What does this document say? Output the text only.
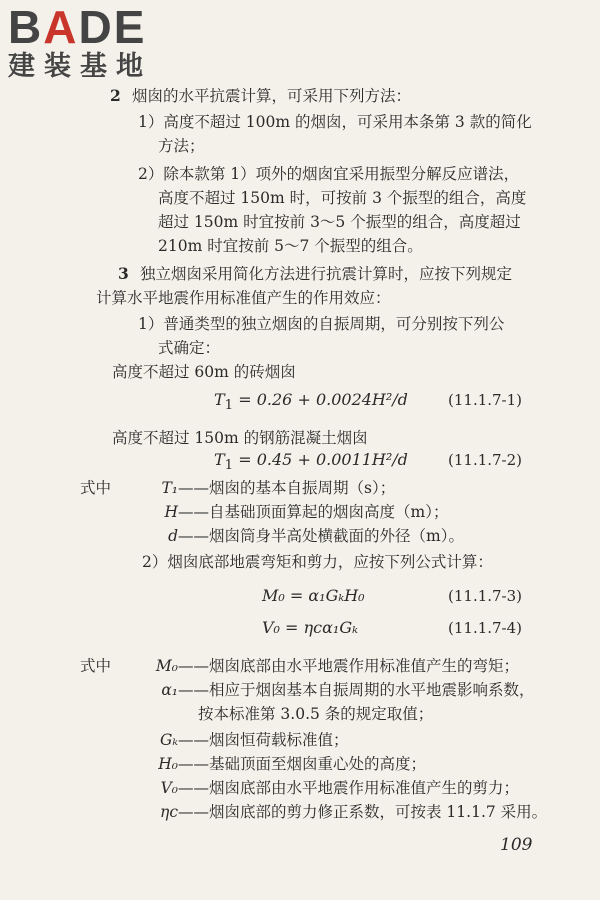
BADE
建装基地
2 烟囱的水平抗震计算，可采用下列方法：
1）高度不超过 100m 的烟囱，可采用本条第 3 款的简化
方法；
2）除本款第 1）项外的烟囱宜采用振型分解反应谱法，
高度不超过 150m 时，可按前 3 个振型的组合，高度
超过 150m 时宜按前 3～5 个振型的组合，高度超过
210m 时宜按前 5～7 个振型的组合。
3 独立烟囱采用简化方法进行抗震计算时，应按下列规定
计算水平地震作用标准值产生的作用效应：
1）普通类型的独立烟囱的自振周期，可分别按下列公
式确定：
高度不超过 60m 的砖烟囱
$T_1 = 0.26 + 0.0024H^2/d$	(11.1.7-1)
高度不超过 150m 的钢筋混凝土烟囱
$T_1 = 0.45 + 0.0011H^2/d$	(11.1.7-2)
式中	T₁ ——烟囱的基本自振周期（s）；
H ——自基础顶面算起的烟囱高度（m）；
d ——烟囱筒身半高处横截面的外径（m）。
2）烟囱底部地震弯矩和剪力，应按下列公式计算：
M₀ = α₁GₖH₀	(11.1.7-3)
V₀ = ηcα₁Gₖ	(11.1.7-4)
式中	M₀ ——烟囱底部由水平地震作用标准值产生的弯矩；
α₁ ——相应于烟囱基本自振周期的水平地震影响系数，
按本标准第 3.0.5 条的规定取值；
Gₖ ——烟囱恒荷载标准值；
H₀ ——基础顶面至烟囱重心处的高度；
V₀ ——烟囱底部由水平地震作用标准值产生的剪力；
ηc ——烟囱底部的剪力修正系数，可按表 11.1.7 采用。
109
